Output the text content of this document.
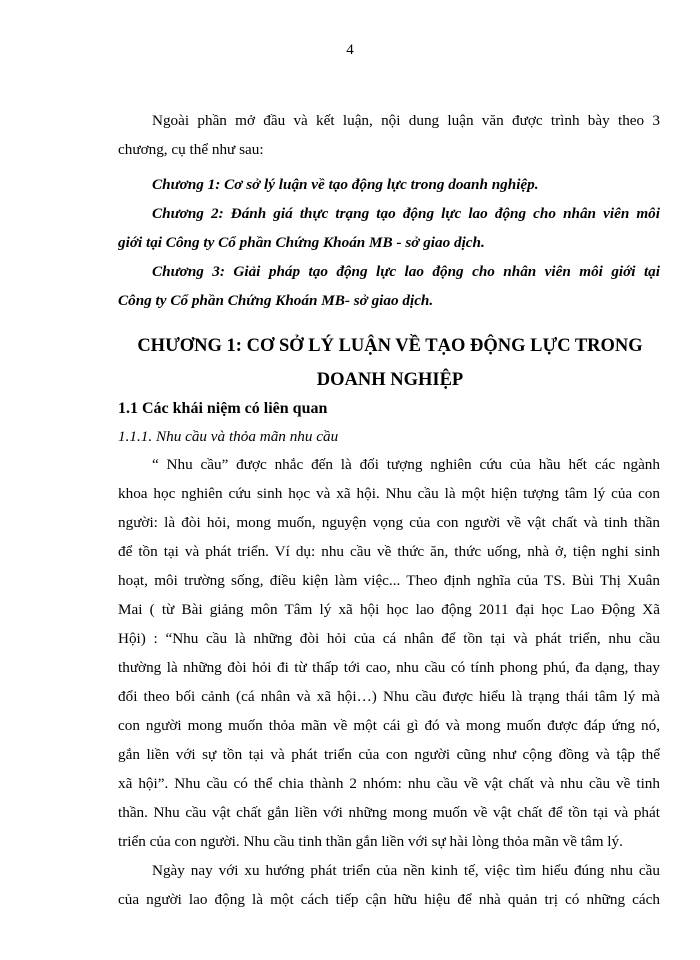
4
Ngoài phần mở đầu và kết luận, nội dung luận văn được trình bày theo 3
chương, cụ thể như sau:
Chương 1: Cơ sở lý luận về tạo động lực trong doanh nghiệp.
Chương 2: Đánh giá thực trạng tạo động lực lao động cho nhân viên môi
giới tại Công ty Cổ phần Chứng Khoán MB - sở giao dịch.
Chương 3: Giải pháp tạo động lực lao động cho nhân viên môi giới tại
Công ty Cổ phần Chứng Khoán MB- sở giao dịch.
CHƯƠNG 1: CƠ SỞ LÝ LUẬN VỀ TẠO ĐỘNG LỰC TRONG
DOANH NGHIỆP
1.1 Các khái niệm có liên quan
1.1.1. Nhu cầu và thỏa mãn nhu cầu
“ Nhu cầu” được nhắc đến là đối tượng nghiên cứu của hầu hết các ngành
khoa học nghiên cứu sinh học và xã hội. Nhu cầu là một hiện tượng tâm lý của con
người: là đòi hỏi, mong muốn, nguyện vọng của con người về vật chất và tinh thần
để tồn tại và phát triển. Ví dụ: nhu cầu về thức ăn, thức uống, nhà ở, tiện nghi sinh
hoạt, môi trường sống, điều kiện làm việc... Theo định nghĩa của TS. Bùi Thị Xuân
Mai ( từ Bài giảng môn Tâm lý xã hội học lao động 2011 đại học Lao Động Xã
Hội) : “Nhu cầu là những đòi hỏi của cá nhân để tồn tại và phát triển, nhu cầu
thường là những đòi hỏi đi từ thấp tới cao, nhu cầu có tính phong phú, đa dạng, thay
đổi theo bối cảnh (cá nhân và xã hội…) Nhu cầu được hiểu là trạng thái tâm lý mà
con người mong muốn thỏa mãn về một cái gì đó và mong muốn được đáp ứng nó,
gắn liền với sự tồn tại và phát triển của con người cũng như cộng đồng và tập thể
xã hội”. Nhu cầu có thể chia thành 2 nhóm: nhu cầu về vật chất và nhu cầu về tinh
thần. Nhu cầu vật chất gắn liền với những mong muốn về vật chất để tồn tại và phát
triển của con người. Nhu cầu tinh thần gắn liền với sự hài lòng thỏa mãn về tâm lý.
Ngày nay với xu hướng phát triển của nền kinh tế, việc tìm hiểu đúng nhu cầu
của người lao động là một cách tiếp cận hữu hiệu để nhà quản trị có những cách
